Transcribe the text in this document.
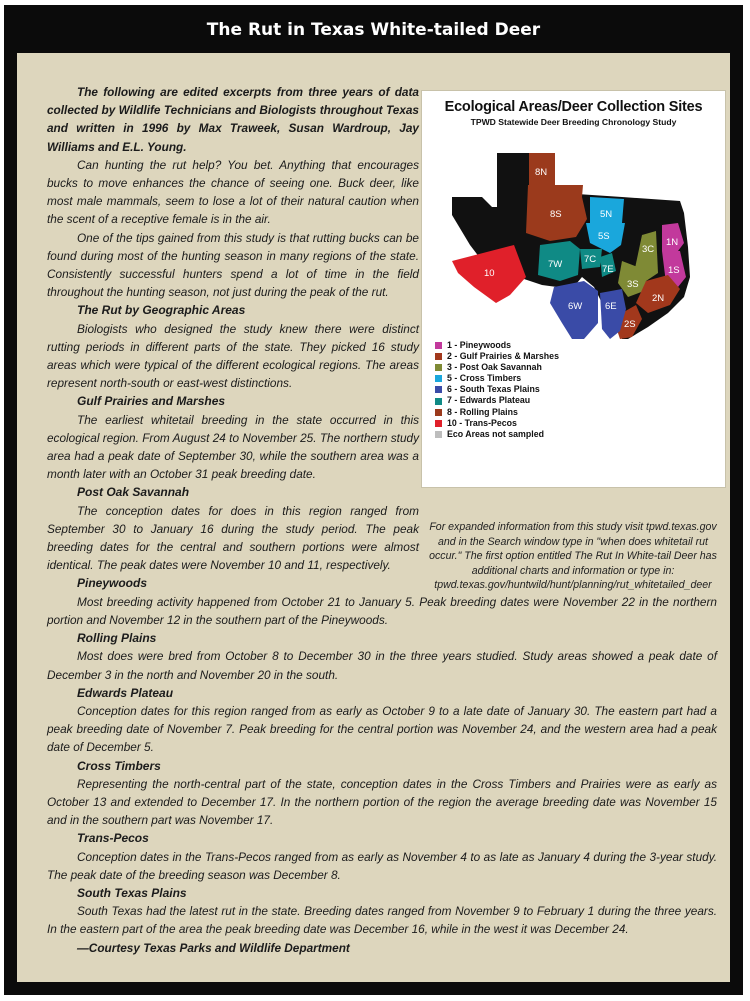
The Rut in Texas White-tailed Deer

The following are edited excerpts from three years of data collected by Wildlife Technicians and Biologists throughout Texas and written in 1996 by Max Traweek, Susan Wardroup, Jay Williams and E.L. Young.

Can hunting the rut help? You bet. Anything that encourages bucks to move enhances the chance of seeing one. Buck deer, like most male mammals, seem to lose a lot of their natural caution when the scent of a receptive female is in the air.

One of the tips gained from this study is that rutting bucks can be found during most of the hunting season in many regions of the state. Consistently successful hunters spend a lot of time in the field throughout the hunting season, not just during the peak of the rut.

The Rut by Geographic Areas

Biologists who designed the study knew there were distinct rutting periods in different parts of the state. They picked 16 study areas which were typical of the different ecological regions. The areas represent north-south or east-west distinctions.

Gulf Prairies and Marshes

The earliest whitetail breeding in the state occurred in this ecological region. From August 24 to November 25. The northern study area had a peak date of September 30, while the southern area was a month later with an October 31 peak breeding date.

Post Oak Savannah

The conception dates for does in this region ranged from September 30 to January 16 during the study period. The peak breeding dates for the central and southern portions were almost identical. The peak dates were November 10 and 11, respectively.

Pineywoods

Most breeding activity happened from October 21 to January 5. Peak breeding dates were November 22 in the northern portion and November 12 in the southern part of the Pineywoods.

Rolling Plains

Most does were bred from October 8 to December 30 in the three years studied. Study areas showed a peak date of December 3 in the north and November 20 in the south.

Edwards Plateau

Conception dates for this region ranged from as early as October 9 to a late date of January 30. The eastern part had a peak breeding date of November 7. Peak breeding for the central portion was November 24, and the western area had a peak date of December 5.

Cross Timbers

Representing the north-central part of the state, conception dates in the Cross Timbers and Prairies were as early as October 13 and extended to December 17. In the northern portion of the region the average breeding date was November 15 and in the southern part was November 17.

Trans-Pecos

Conception dates in the Trans-Pecos ranged from as early as November 4 to as late as January 4 during the 3-year study. The peak date of the breeding season was December 8.

South Texas Plains

South Texas had the latest rut in the state. Breeding dates ranged from November 9 to February 1 during the three years. In the eastern part of the area the peak breeding date was December 16, while in the west it was December 24.

—Courtesy Texas Parks and Wildlife Department
Ecological Areas/Deer Collection Sites
TPWD Statewide Deer Breeding Chronology Study
8N
8S	5N
5S
3C
1N
1S
7W 7C
7E
10
3S
2N
2S
6W 6E
1 - Pineywoods
2 - Gulf Prairies & Marshes
3 - Post Oak Savannah
5 - Cross Timbers
6 - South Texas Plains
7 - Edwards Plateau
8 - Rolling Plains
10 - Trans-Pecos
Eco Areas not sampled
For expanded information from this study visit tpwd.texas.gov and in the Search window type in "when does whitetail rut occur." The first option entitled The Rut In White-tail Deer has additional charts and information or type in: tpwd.texas.gov/huntwild/hunt/planning/rut_whitetailed_deer
